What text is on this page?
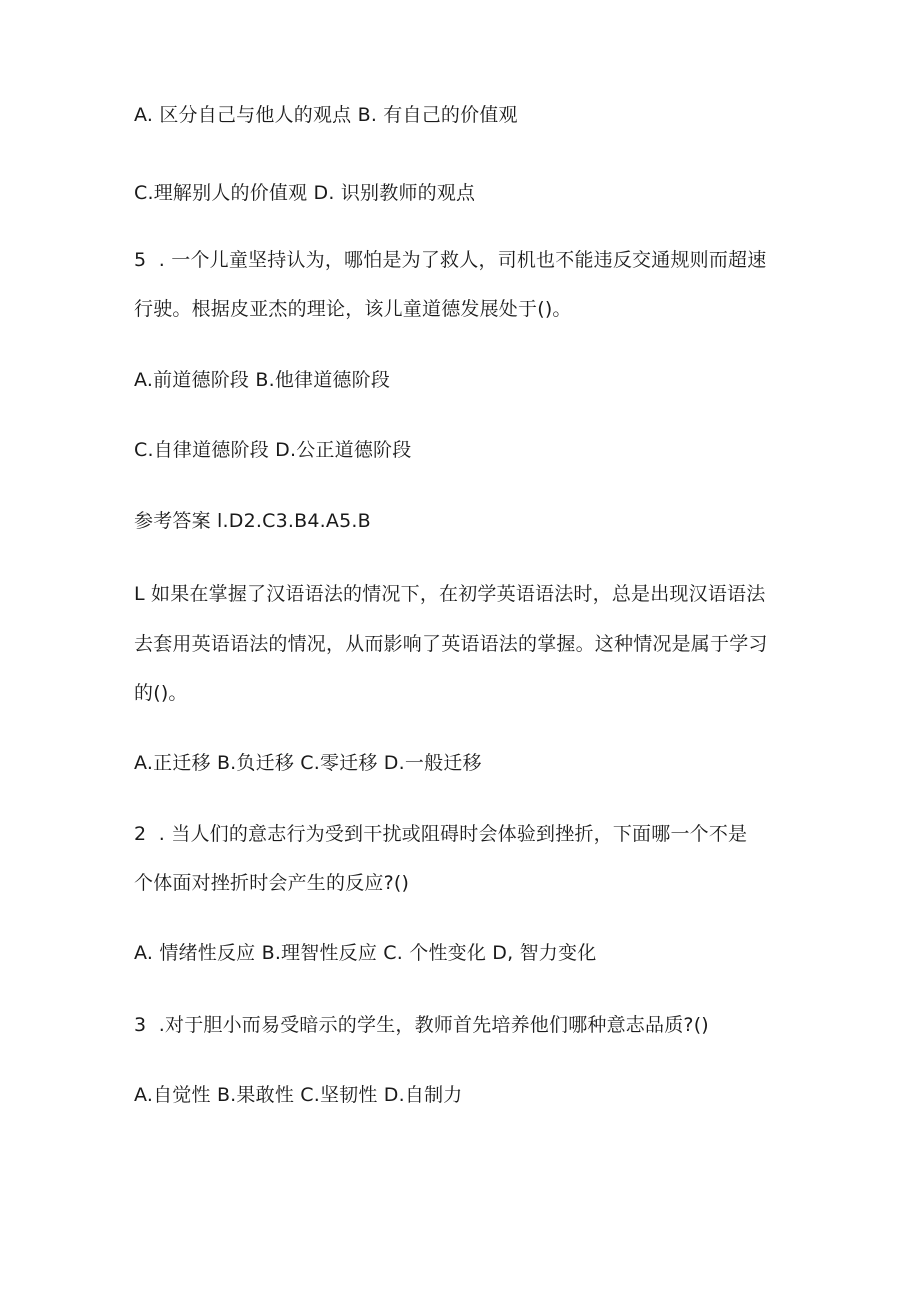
A. 区分自己与他人的观点 B. 有自己的价值观

C.理解别人的价值观 D. 识别教师的观点

5  . 一个儿童坚持认为，哪怕是为了救人，司机也不能违反交通规则而超速

行驶。根据皮亚杰的理论，该儿童道德发展处于()。

A.前道德阶段 B.他律道德阶段

C.自律道德阶段 D.公正道德阶段

参考答案 l.D2.C3.B4.A5.B

L 如果在掌握了汉语语法的情况下，在初学英语语法时，总是出现汉语语法

去套用英语语法的情况，从而影响了英语语法的掌握。这种情况是属于学习

的()。

A.正迁移 B.负迁移 C.零迁移 D.一般迁移

2  . 当人们的意志行为受到干扰或阻碍时会体验到挫折，下面哪一个不是

个体面对挫折时会产生的反应?()

A. 情绪性反应 B.理智性反应 C. 个性变化 D, 智力变化

3  .对于胆小而易受暗示的学生，教师首先培养他们哪种意志品质?()

A.自觉性 B.果敢性 C.坚韧性 D.自制力
